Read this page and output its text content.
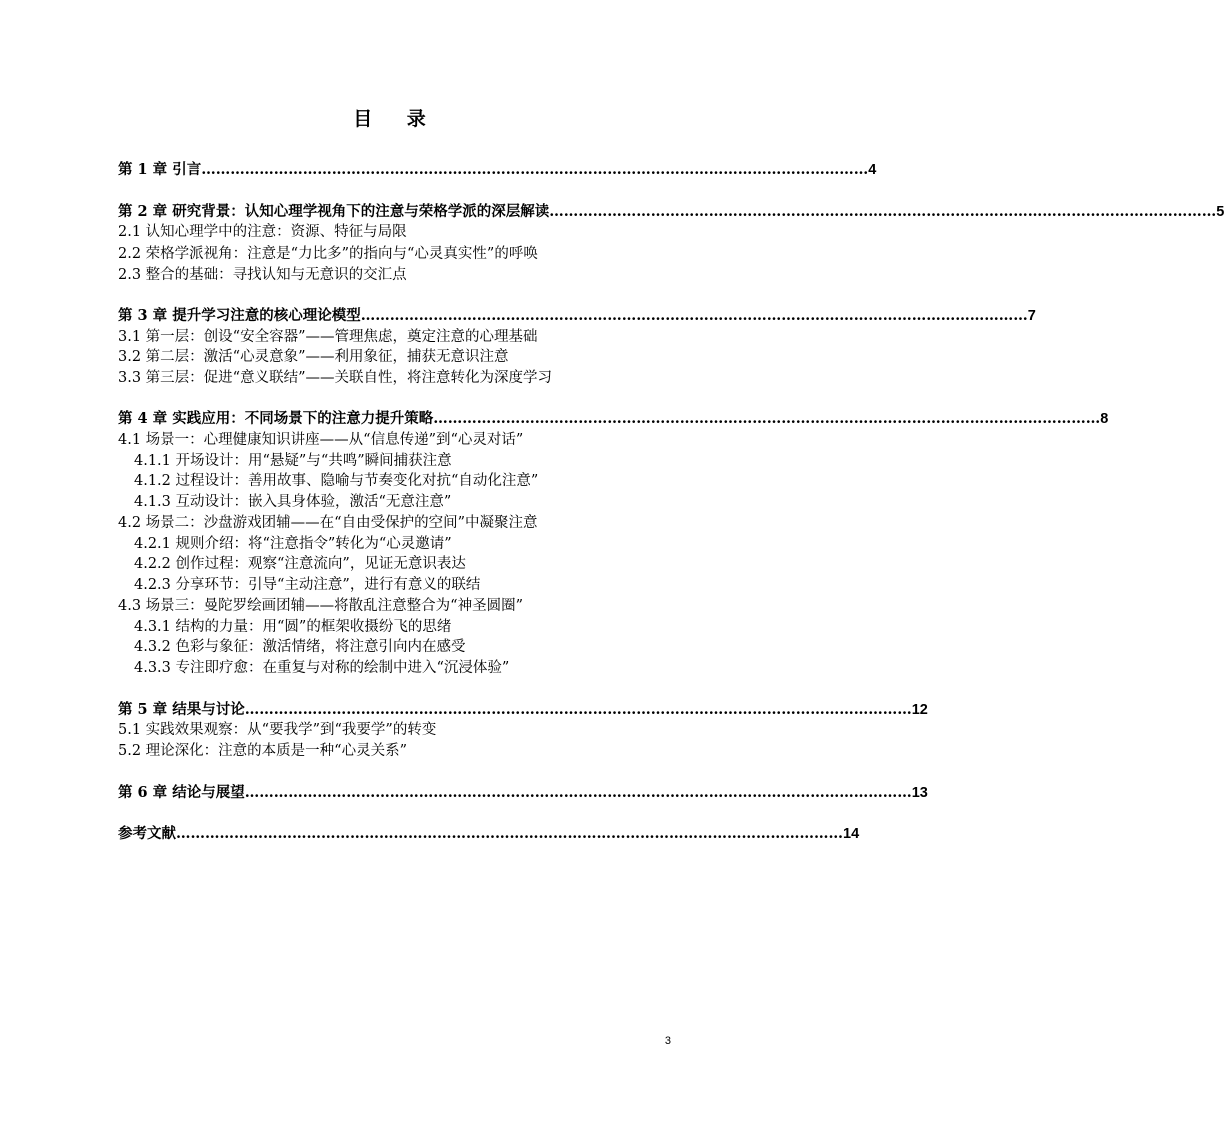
目 录
第 1 章 引言 ………………………………………………………………………………………………………………………… 4
第 2 章 研究背景：认知心理学视角下的注意与荣格学派的深层解读 ………………………………………………………………………………………………………………………… 5
2.1 认知心理学中的注意：资源、特征与局限
2.2 荣格学派视角：注意是“力比多”的指向与“心灵真实性”的呼唤
2.3 整合的基础：寻找认知与无意识的交汇点
第 3 章 提升学习注意的核心理论模型 ………………………………………………………………………………………………………………………… 7
3.1 第一层：创设“安全容器”——管理焦虑，奠定注意的心理基础
3.2 第二层：激活“心灵意象”——利用象征，捕获无意识注意
3.3 第三层：促进“意义联结”——关联自性，将注意转化为深度学习
第 4 章 实践应用：不同场景下的注意力提升策略 ………………………………………………………………………………………………………………………… 8
4.1 场景一：心理健康知识讲座——从“信息传递”到“心灵对话”
4.1.1 开场设计：用“悬疑”与“共鸣”瞬间捕获注意
4.1.2 过程设计：善用故事、隐喻与节奏变化对抗“自动化注意”
4.1.3 互动设计：嵌入具身体验，激活“无意注意”
4.2 场景二：沙盘游戏团辅——在“自由受保护的空间”中凝聚注意
4.2.1 规则介绍：将“注意指令”转化为“心灵邀请”
4.2.2 创作过程：观察“注意流向”，见证无意识表达
4.2.3 分享环节：引导“主动注意”，进行有意义的联结
4.3 场景三：曼陀罗绘画团辅——将散乱注意整合为“神圣圆圈”
4.3.1 结构的力量：用“圆”的框架收摄纷飞的思绪
4.3.2 色彩与象征：激活情绪，将注意引向内在感受
4.3.3 专注即疗愈：在重复与对称的绘制中进入“沉浸体验”
第 5 章 结果与讨论 ………………………………………………………………………………………………………………………… 12
5.1 实践效果观察：从“要我学”到“我要学”的转变
5.2 理论深化：注意的本质是一种“心灵关系”
第 6 章 结论与展望 ………………………………………………………………………………………………………………………… 13
参考文献 ………………………………………………………………………………………………………………………… 14
3
